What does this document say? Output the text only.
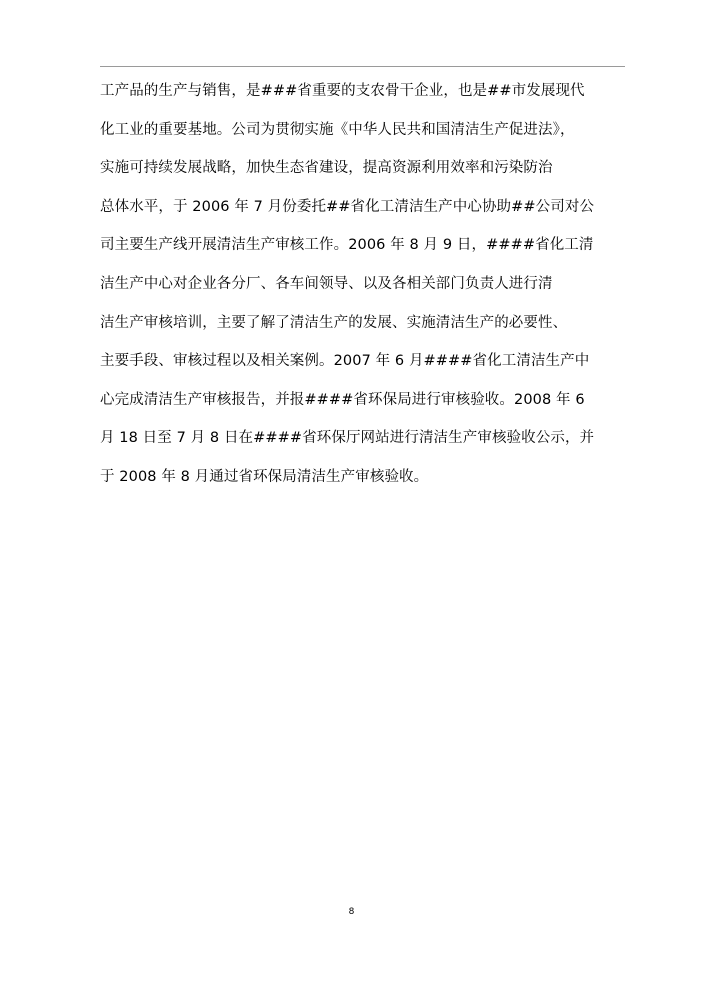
工产品的生产与销售，是###省重要的支农骨干企业，也是##市发展现代
化工业的重要基地。公司为贯彻实施《中华人民共和国清洁生产促进法》，
实施可持续发展战略，加快生态省建设，提高资源利用效率和污染防治
总体水平，于 2006 年 7 月份委托##省化工清洁生产中心协助##公司对公
司主要生产线开展清洁生产审核工作。2006 年 8 月 9 日，####省化工清
洁生产中心对企业各分厂、各车间领导、以及各相关部门负责人进行清
洁生产审核培训，主要了解了清洁生产的发展、实施清洁生产的必要性、
主要手段、审核过程以及相关案例。2007 年 6 月####省化工清洁生产中
心完成清洁生产审核报告，并报####省环保局进行审核验收。2008 年 6
月 18 日至 7 月 8 日在####省环保厅网站进行清洁生产审核验收公示，并
于 2008 年 8 月通过省环保局清洁生产审核验收。
8
